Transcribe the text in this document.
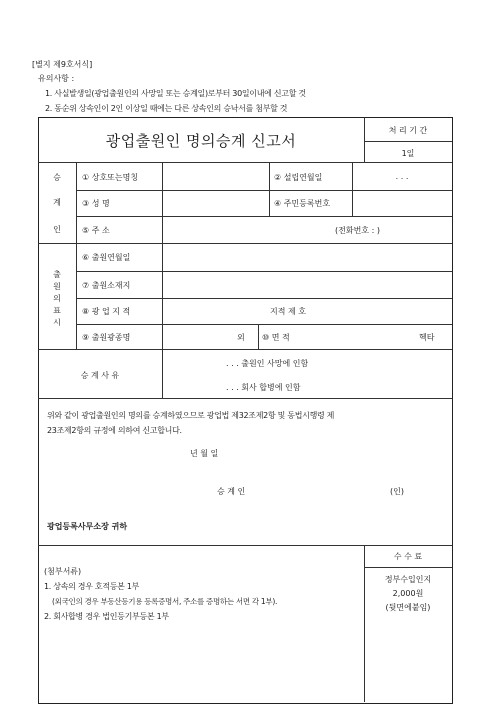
[별지 제9호서식]
유의사항 :
1. 사실발생일(광업출원인의 사망일 또는 승계일)로부터 30일이내에 신고할 것
2. 동순위 상속인이 2인 이상일 때에는 다른 상속인의 승낙서를 첨부할 것
광업출원인 명의승계 신고서
처 리 기 간
1일
승
계
인
① 상호또는명칭	② 설립연월일	. . .
③ 성 명	④ 주민등록번호
⑤ 주 소	(전화번호 : )
출
원
의
표
시
⑥ 출원연월일
⑦ 출원소재지
⑧ 광 업 지 적	지적 제 호
⑨ 출원광종명	외 ⑩ 면 적	헥타
승 계 사 유
. . . 출원인 사망에 인함
. . . 회사 합병에 인함
위와 같이 광업출원인의 명의를 승계하였으므로 광업법 제32조제2항 및 동법시행령 제
23조제2항의 규정에 의하여 신고합니다.
년 월 일
승 계 인	(인)
광업등록사무소장 귀하
(첨부서류)
1. 상속의 경우 호적등본 1부
(외국인의 경우 부동산등기용 등록증명서, 주소를 증명하는 서면 각 1부).
2. 회사합병 경우 법인등기부등본 1부
수 수 료
정부수입인지
2,000원
(뒷면에붙임)
